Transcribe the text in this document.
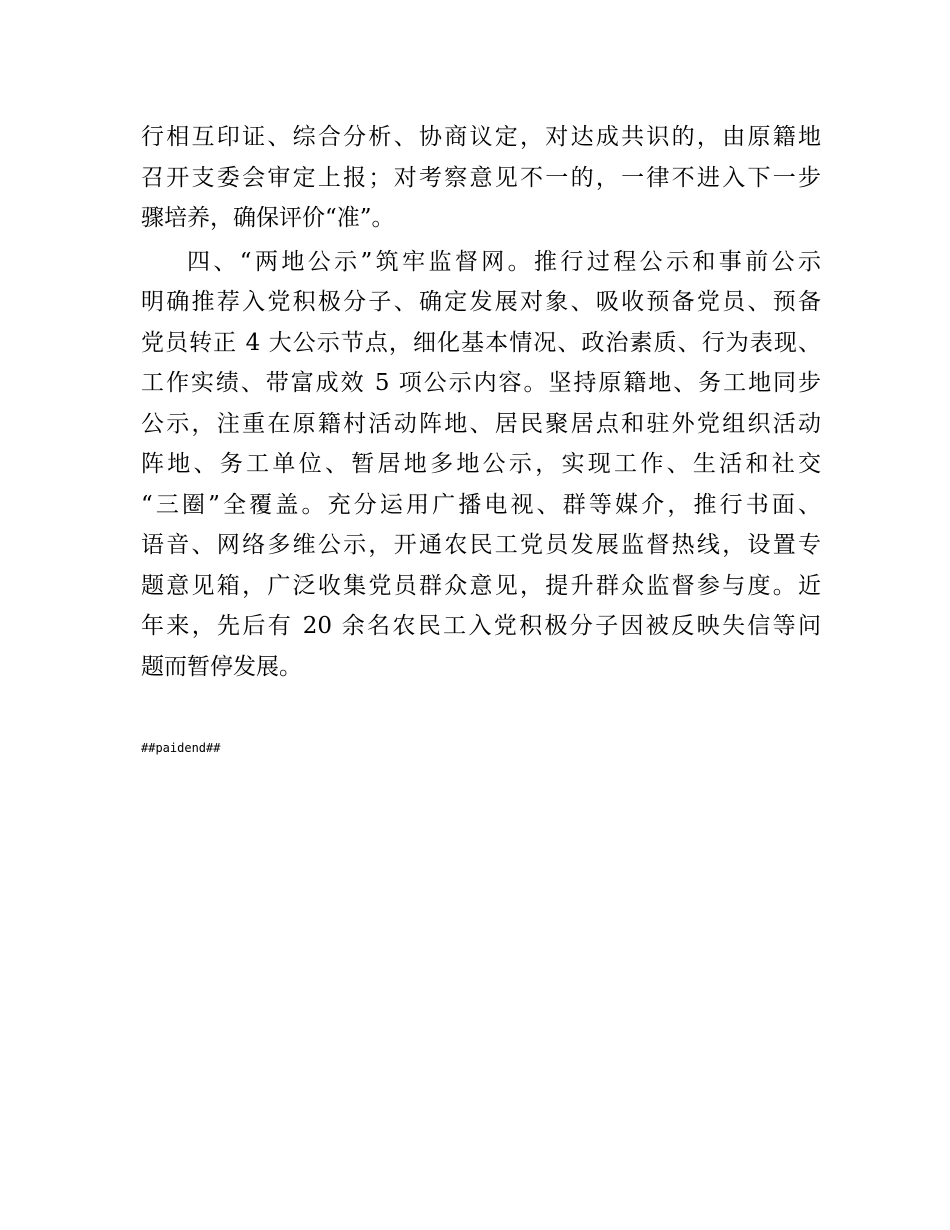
行相互印证、综合分析、协商议定，对达成共识的，由原籍地
召开支委会审定上报；对考察意见不一的，一律不进入下一步
骤培养，确保评价“准”。
四、“两地公示”筑牢监督网。推行过程公示和事前公示
明确推荐入党积极分子、确定发展对象、吸收预备党员、预备
党员转正 4 大公示节点，细化基本情况、政治素质、行为表现、
工作实绩、带富成效 5 项公示内容。坚持原籍地、务工地同步
公示，注重在原籍村活动阵地、居民聚居点和驻外党组织活动
阵地、务工单位、暂居地多地公示，实现工作、生活和社交
“三圈”全覆盖。充分运用广播电视、群等媒介，推行书面、
语音、网络多维公示，开通农民工党员发展监督热线，设置专
题意见箱，广泛收集党员群众意见，提升群众监督参与度。近
年来，先后有 20 余名农民工入党积极分子因被反映失信等问
题而暂停发展。
##paidend##
